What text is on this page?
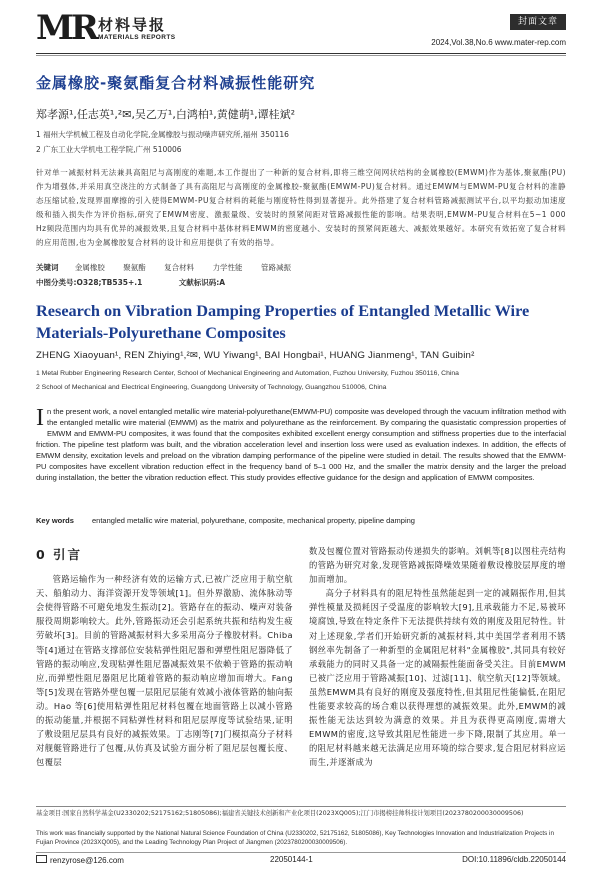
MR 材料导报
MATERIALS REPORTS
封面文章
2024,Vol.38,No.6 www.mater-rep.com
金属橡胶-聚氨酯复合材料减振性能研究
郑孝源¹,任志英¹,²✉,吴乙万¹,白鸿柏¹,黄健萌¹,谭桂斌²
1 福州大学机械工程及自动化学院,金属橡胶与振动噪声研究所,福州 350116
2 广东工业大学机电工程学院,广州 510006
针对单一减振材料无法兼具高阻尼与高刚度的难题,本工作提出了一种新的复合材料,即将三维空间网状结构的金属橡胶(EMWM)作为基体,聚氨酯(PU)作为增强体,并采用真空浇注的方式制备了具有高阻尼与高刚度的金属橡胶-聚氨酯(EMWM-PU)复合材料。通过EMWM与EMWM-PU复合材料的准静态压缩试验,发现界面摩擦的引入使得EMWM-PU复合材料的耗能与刚度特性得到显著提升。此外搭建了复合材料管路减振测试平台,以平均振动加速度级和插入损失作为评价指标,研究了EMWM密度、激振量级、安装时的预紧间距对管路减振性能的影响。结果表明,EMWM-PU复合材料在5~1 000 Hz频段范围内均具有优异的减振效果,且复合材料中基体材料EMWM的密度越小、安装时的预紧间距越大、减振效果越好。本研究有效拓宽了复合材料的应用范围,也为金属橡胶复合材料的设计和应用提供了有效的指导。
关键词 金属橡胶 聚氨酯 复合材料 力学性能 管路减振
中图分类号:O328;TB535+.1	文献标识码:A
Research on Vibration Damping Properties of Entangled Metallic Wire Materials-Polyurethane Composites
ZHENG Xiaoyuan¹, REN Zhiying¹,²✉, WU Yiwang¹, BAI Hongbai¹, HUANG Jianmeng¹, TAN Guibin²
1 Metal Rubber Engineering Research Center, School of Mechanical Engineering and Automation, Fuzhou University, Fuzhou 350116, China
2 School of Mechanical and Electrical Engineering, Guangdong University of Technology, Guangzhou 510006, China
In the present work, a novel entangled metallic wire material-polyurethane(EMWM-PU) composite was developed through the vacuum infiltration method with the entangled metallic wire material (EMWM) as the matrix and polyurethane as the reinforcement. By comparing the quasistatic compression properties of EMWM and EMWM-PU composites, it was found that the composites exhibited excellent energy consumption and stiffness properties due to the interfacial friction. The pipeline test platform was built, and the vibration acceleration level and insertion loss were used as evaluation indexes. In addition, the effects of EMWM density, excitation levels and preload on the vibration damping performance of the pipeline were studied in detail. The results showed that the EMWM-PU composites have excellent vibration reduction effect in the frequency band of 5–1 000 Hz, and the smaller the matrix density and the larger the preload during installation, the better the vibration reduction effect. This study provides effective guidance for the design and application of EMWM composites.
Key words entangled metallic wire material, polyurethane, composite, mechanical property, pipeline damping
0 引言

管路运输作为一种经济有效的运输方式,已被广泛应用于航空航天、船舶动力、海洋资源开发等领域[1]。但外界激励、流体脉动等会使得管路不可避免地发生振动[2]。管路存在的振动、噪声对装备服役周期影响较大。此外,管路振动还会引起系统共振和结构发生疲劳破坏[3]。目前的管路减振材料大多采用高分子橡胶材料。Chiba 等[4]通过在管路支撑部位安装粘弹性阻尼器和弹塑性阻尼器降低了管路的振动响应,发现粘弹性阻尼器减振效果不依赖于管路的振动响应,而弹塑性阻尼器阻尼比随着管路的振动响应增加而增大。Fang 等[5]发现在管路外壁包覆一层阻尼层能有效减小液体管路的轴向振动。Hao 等[6]使用粘弹性阻尼材料包覆在地面管路上以减小管路的振动能量,并根据不同粘弹性材料和阻尼层厚度等试验结果,证明了敷设阻尼层具有良好的减振效果。丁志刚等[7]门模拟高分子材料对舰艇管路进行了包覆,从仿真及试验方面分析了阻尼层包覆长度、包覆层

数及包覆位置对管路振动传递损失的影响。刘帆等[8]以图柱壳结构的管路为研究对象,发现管路减振降噪效果随着敷设橡胶层厚度的增加而增加。

高分子材料具有的阻尼特性虽然能起到一定的减隔振作用,但其弹性模量及损耗因子受温度的影响较大[9],且承载能力不足,易被环境腐蚀,导致在特定条件下无法提供持续有效的刚度及阻尼特性。针对上述现象,学者们开始研究新的减振材料,其中美国学者利用不锈钢丝率先制备了一种新型的金属阻尼材料"金属橡胶",其同具有较好承载能力的同时又具备一定的减隔振性能面备受关注。目前EMWM已被广泛应用于管路减振[10]、过滤[11]、航空航天[12]等领域。虽然EMWM具有良好的刚度及强度特性,但其阻尼性能偏低,在阻尼性能要求较高的场合难以获得理想的减振效果。此外,EMWM的减振性能无法达到较为满意的效果。并且为获得更高刚度,需增大EMWM的密度,这导致其阻尼性能进一步下降,限制了其应用。单一的阻尼材料越来越无法满足应用环境的综合要求,复合阻尼材料应运而生,并逐渐成为

基金项目:国家自然科学基金(U2330202;52175162;51805086);福建省关键技术创新和产业化项目(2023XQ005);江门市揭榜挂帅科技计划项目(2023780200030009506)
This work was financially supported by the National Natural Science Foundation of China (U2330202, 52175162, 51805086), Key Technologies Innovation and Industrialization Projects in Fujian Province (2023XQ005), and the Leading Technology Plan Project of Jiangmen (2023780200030009506).
renzyrose@126.com	22050144-1	DOI:10.11896/cldb.22050144
